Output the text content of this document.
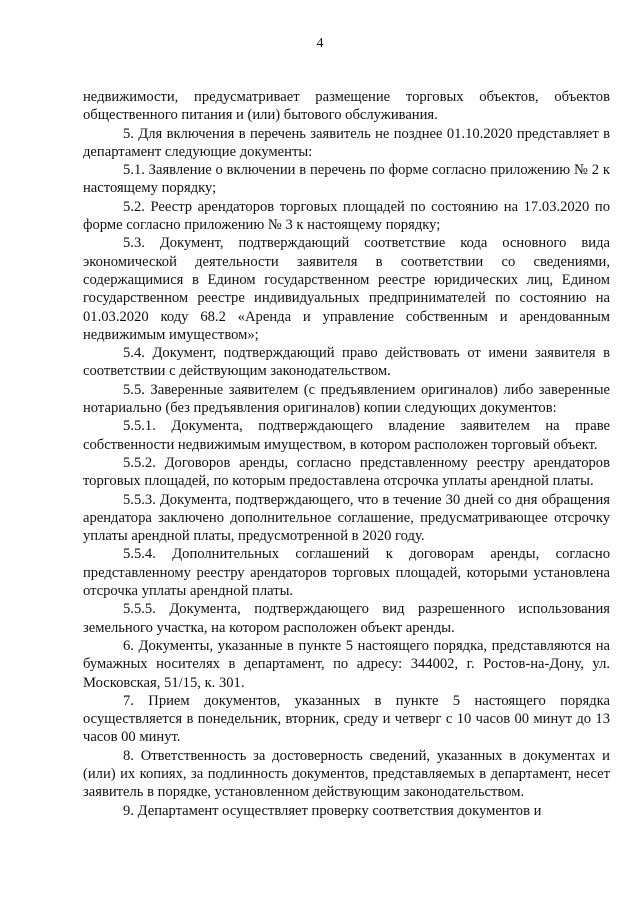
4

недвижимости, предусматривает размещение торговых объектов, объектов общественного питания и (или) бытового обслуживания.

5. Для включения в перечень заявитель не позднее 01.10.2020 представляет в департамент следующие документы:

5.1. Заявление о включении в перечень по форме согласно приложению № 2 к настоящему порядку;

5.2. Реестр арендаторов торговых площадей по состоянию на 17.03.2020 по форме согласно приложению № 3 к настоящему порядку;

5.3. Документ, подтверждающий соответствие кода основного вида экономической деятельности заявителя в соответствии со сведениями, содержащимися в Едином государственном реестре юридических лиц, Едином государственном реестре индивидуальных предпринимателей по состоянию на 01.03.2020 коду 68.2 «Аренда и управление собственным и арендованным недвижимым имуществом»;

5.4. Документ, подтверждающий право действовать от имени заявителя в соответствии с действующим законодательством.

5.5. Заверенные заявителем (с предъявлением оригиналов) либо заверенные нотариально (без предъявления оригиналов) копии следующих документов:

5.5.1. Документа, подтверждающего владение заявителем на праве собственности недвижимым имуществом, в котором расположен торговый объект.

5.5.2. Договоров аренды, согласно представленному реестру арендаторов торговых площадей, по которым предоставлена отсрочка уплаты арендной платы.

5.5.3. Документа, подтверждающего, что в течение 30 дней со дня обращения арендатора заключено дополнительное соглашение, предусматривающее отсрочку уплаты арендной платы, предусмотренной в 2020 году.

5.5.4. Дополнительных соглашений к договорам аренды, согласно представленному реестру арендаторов торговых площадей, которыми установлена отсрочка уплаты арендной платы.

5.5.5. Документа, подтверждающего вид разрешенного использования земельного участка, на котором расположен объект аренды.

6. Документы, указанные в пункте 5 настоящего порядка, представляются на бумажных носителях в департамент, по адресу: 344002, г. Ростов-на-Дону, ул. Московская, 51/15, к. 301.

7. Прием документов, указанных в пункте 5 настоящего порядка осуществляется в понедельник, вторник, среду и четверг с 10 часов 00 минут до 13 часов 00 минут.

8. Ответственность за достоверность сведений, указанных в документах и (или) их копиях, за подлинность документов, представляемых в департамент, несет заявитель в порядке, установленном действующим законодательством.

9. Департамент осуществляет проверку соответствия документов и
